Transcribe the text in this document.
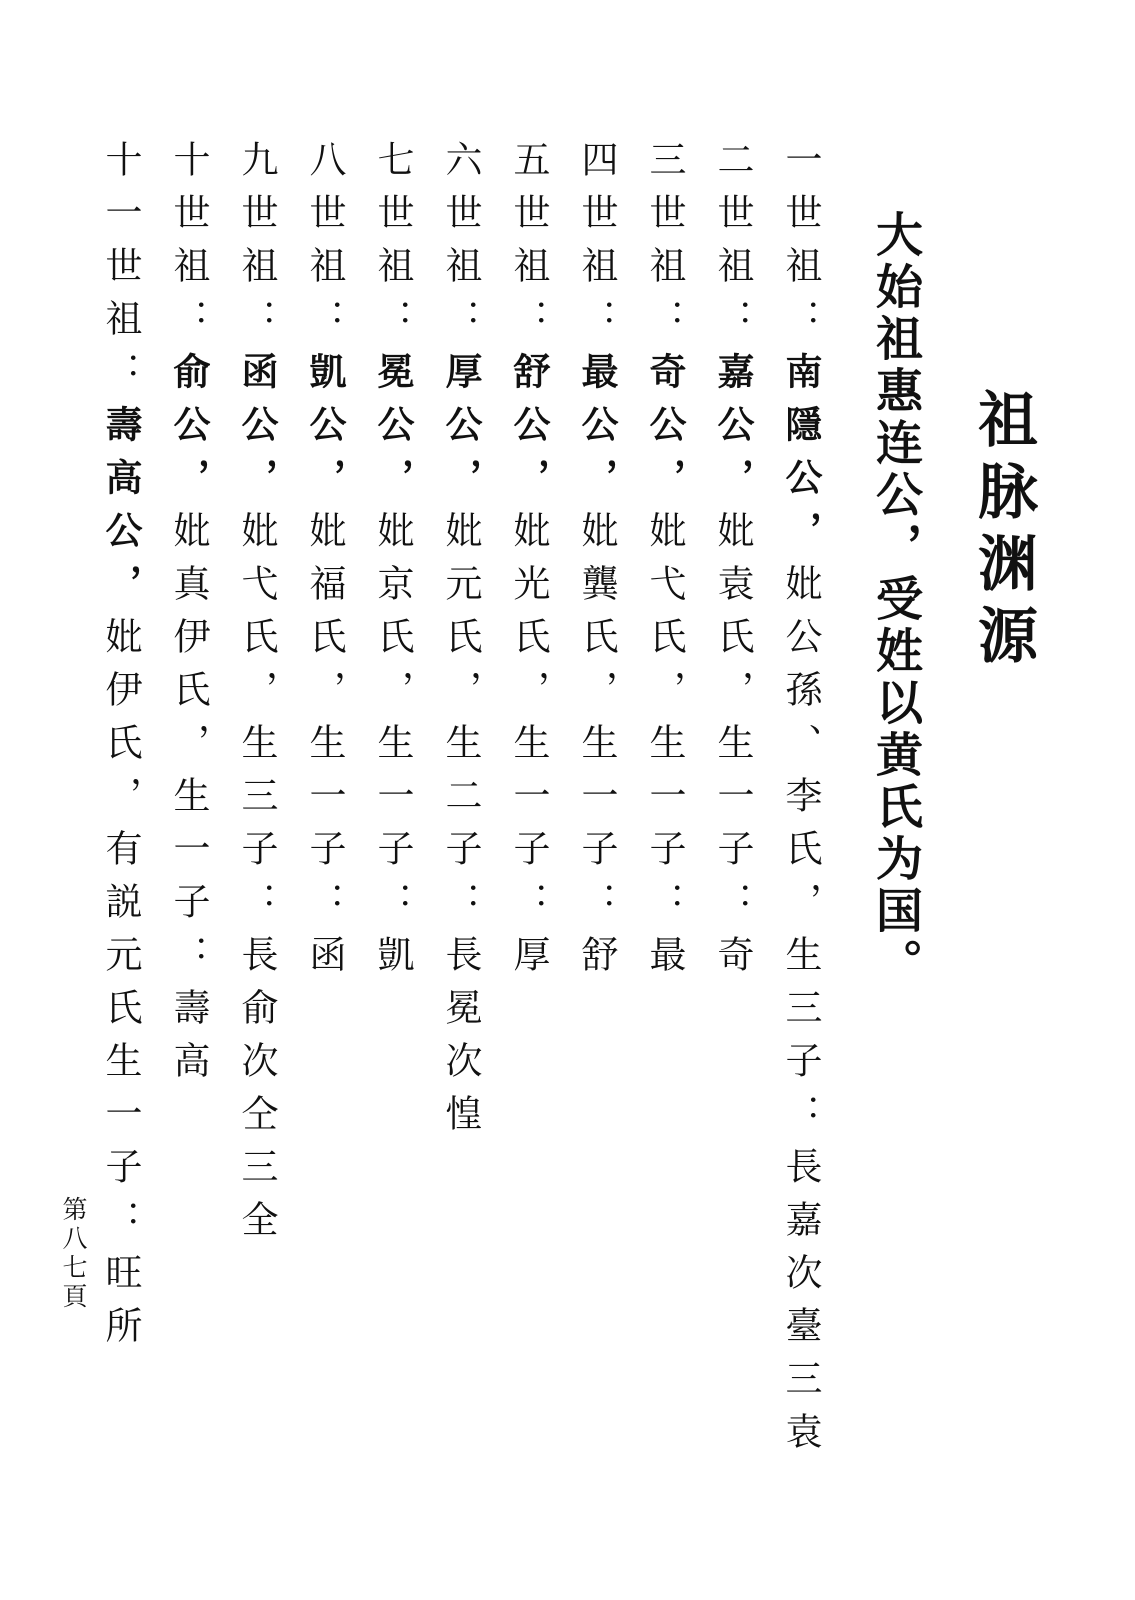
祖脉渊源
大始祖惠连公，受姓以黄氏为国。
一世祖：南隱公，妣公孫、李氏，生三子：長嘉次臺三袁
二世祖：嘉公，妣袁氏，生一子：奇
三世祖：奇公，妣弋氏，生一子：最
四世祖：最公，妣龔氏，生一子：舒
五世祖：舒公，妣光氏，生一子：厚
六世祖：厚公，妣元氏，生二子：長冕次惶
七世祖：冕公，妣京氏，生一子：凱
八世祖：凱公，妣福氏，生一子：函
九世祖：函公，妣弋氏，生三子：長俞次仝三全
十世祖：俞公，妣真伊氏，生一子：壽高
十一世祖：壽高公，妣伊氏，有説元氏生一子：旺所
第八七頁
